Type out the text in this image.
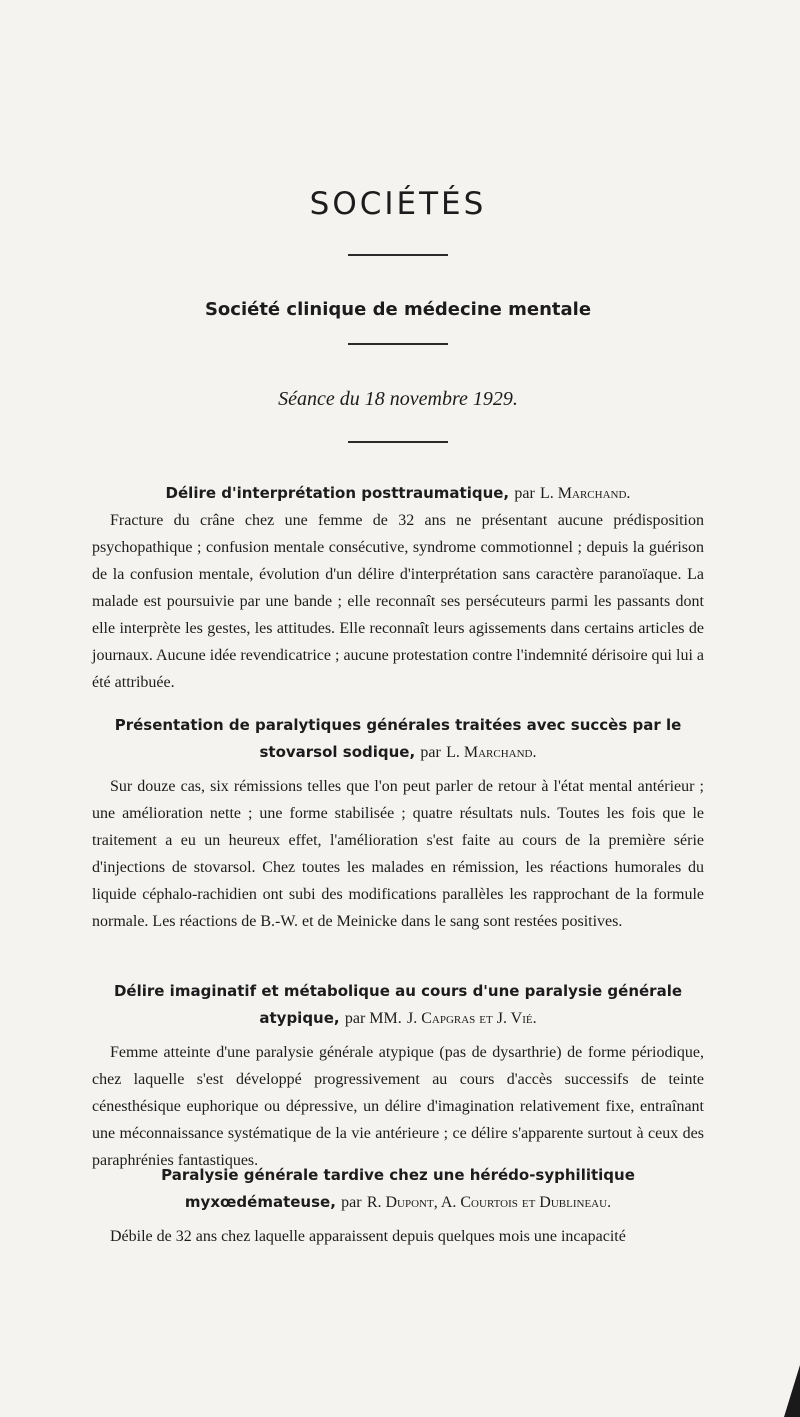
SOCIÉTÉS
Société clinique de médecine mentale

Séance du 18 novembre 1929.

Délire d'interprétation posttraumatique, par L. Marchand.

Fracture du crâne chez une femme de 32 ans ne présentant aucune prédisposition psychopathique ; confusion mentale consécutive, syndrome commotionnel ; depuis la guérison de la confusion mentale, évolution d'un délire d'interprétation sans caractère paranoïaque. La malade est poursuivie par une bande ; elle reconnaît ses persécuteurs parmi les passants dont elle interprète les gestes, les attitudes. Elle reconnaît leurs agissements dans certains articles de journaux. Aucune idée revendicatrice ; aucune protestation contre l'indemnité dérisoire qui lui a été attribuée.

Présentation de paralytiques générales traitées avec succès par le stovarsol sodique, par L. Marchand.

Sur douze cas, six rémissions telles que l'on peut parler de retour à l'état mental antérieur ; une amélioration nette ; une forme stabilisée ; quatre résultats nuls. Toutes les fois que le traitement a eu un heureux effet, l'amélioration s'est faite au cours de la première série d'injections de stovarsol. Chez toutes les malades en rémission, les réactions humorales du liquide céphalo-rachidien ont subi des modifications parallèles les rapprochant de la formule normale. Les réactions de B.-W. et de Meinicke dans le sang sont restées positives.

Délire imaginatif et métabolique au cours d'une paralysie générale atypique, par MM. J. Capgras et J. Vié.

Femme atteinte d'une paralysie générale atypique (pas de dysarthrie) de forme périodique, chez laquelle s'est développé progressivement au cours d'accès successifs de teinte cénesthésique euphorique ou dépressive, un délire d'imagination relativement fixe, entraînant une méconnaissance systématique de la vie antérieure ; ce délire s'apparente surtout à ceux des paraphrénies fantastiques.

Paralysie générale tardive chez une hérédo-syphilitique myxœdémateuse, par R. Dupont, A. Courtois et Dublineau.

Débile de 32 ans chez laquelle apparaissent depuis quelques mois une incapacité
